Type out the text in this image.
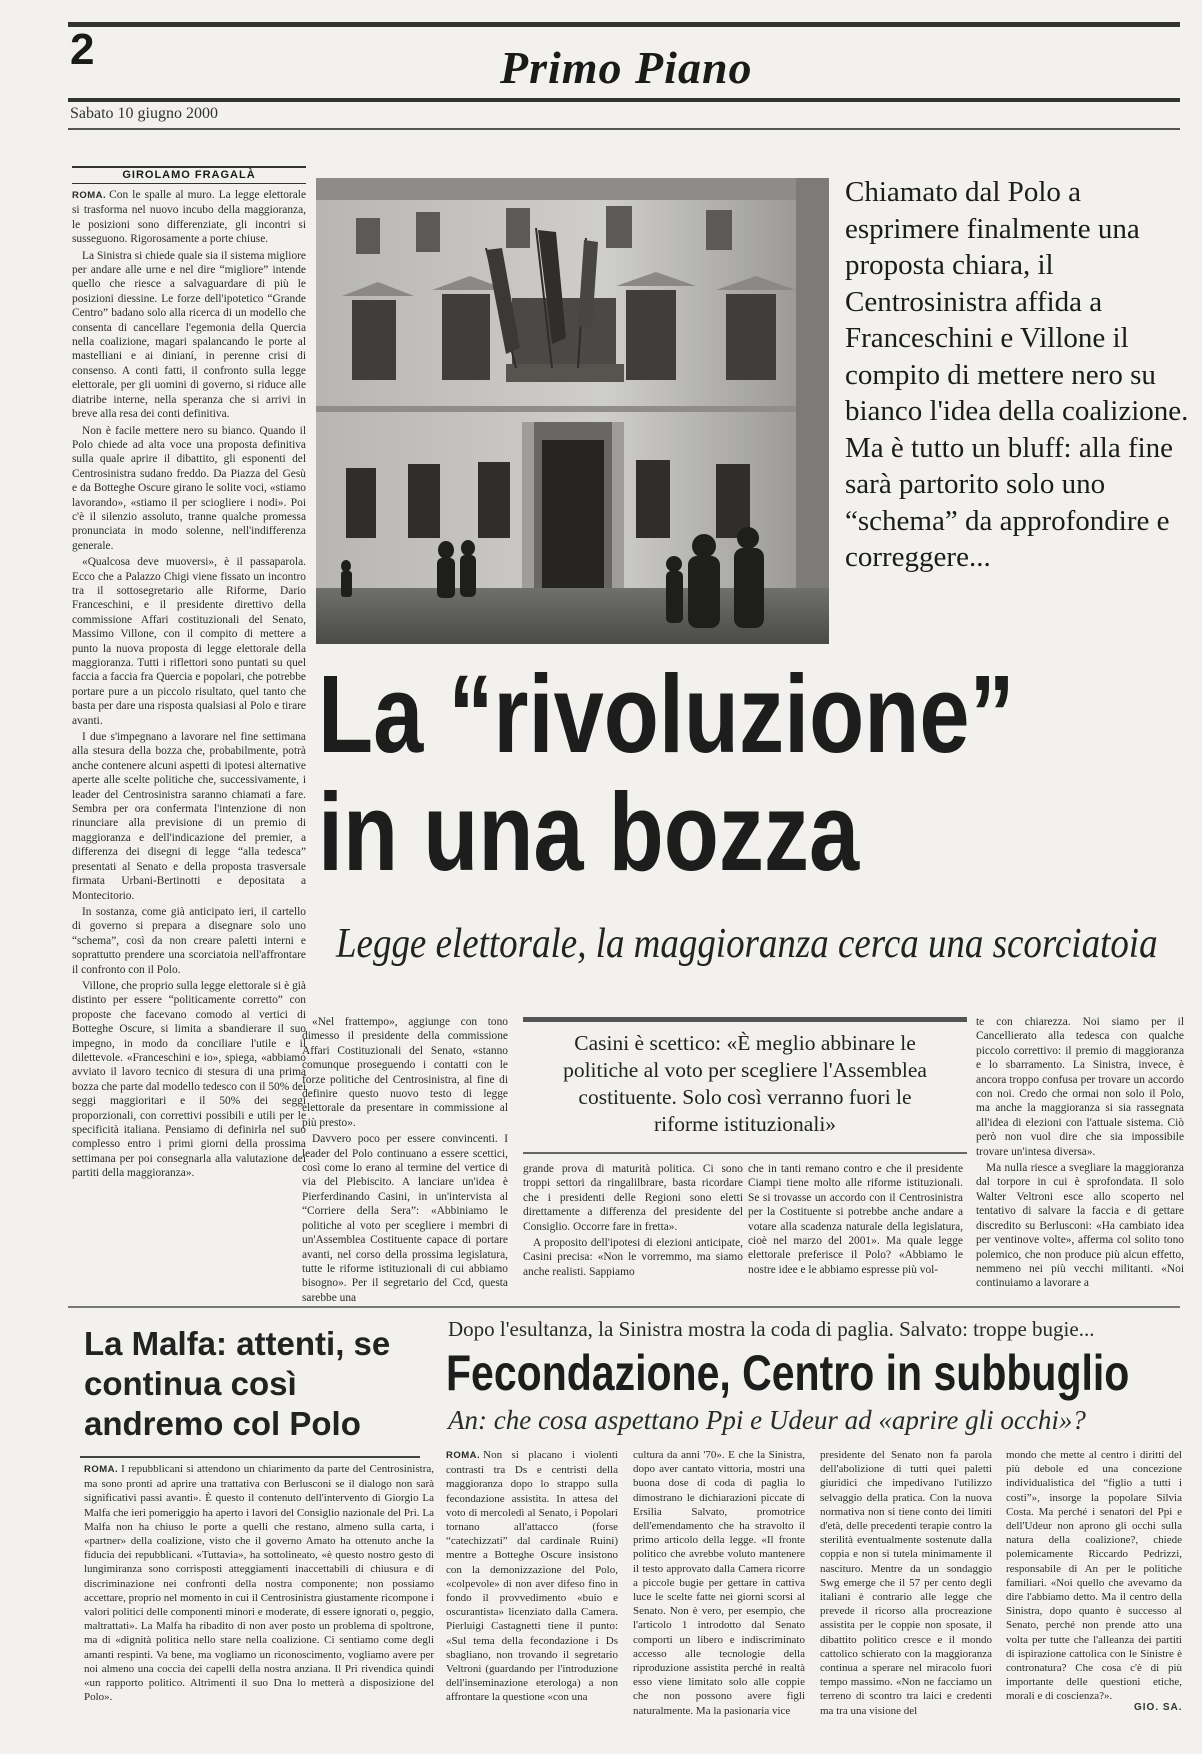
2	Primo Piano
Sabato 10 giugno 2000
GIROLAMO FRAGALÀ

ROMA. Con le spalle al muro. La legge elettorale si trasforma nel nuovo incubo della maggioranza, le posizioni sono differenziate, gli incontri si susseguono. Rigorosamente a porte chiuse.

La Sinistra si chiede quale sia il sistema migliore per andare alle urne e nel dire “migliore” intende quello che riesce a salvaguardare di più le posizioni diessine. Le forze dell'ipotetico “Grande Centro” badano solo alla ricerca di un modello che consenta di cancellare l'egemonia della Quercia nella coalizione, magari spalancando le porte al mastelliani e ai dinianí, in perenne crisi di consenso. A conti fatti, il confronto sulla legge elettorale, per gli uomini di governo, si riduce alle diatribe interne, nella speranza che si arrivi in breve alla resa dei conti definitiva.

Non è facile mettere nero su bianco. Quando il Polo chiede ad alta voce una proposta definitiva sulla quale aprire il dibattito, gli esponenti del Centrosinistra sudano freddo. Da Piazza del Gesù e da Botteghe Oscure girano le solite voci, «stiamo lavorando», «stiamo il per sciogliere i nodi». Poi c'è il silenzio assoluto, tranne qualche promessa pronunciata in modo solenne, nell'indifferenza generale.

«Qualcosa deve muoversi», è il passaparola. Ecco che a Palazzo Chigi viene fissato un incontro tra il sottosegretario alle Riforme, Dario Franceschini, e il presidente direttivo della commissione Affari costituzionali del Senato, Massimo Villone, con il compito di mettere a punto la nuova proposta di legge elettorale della maggioranza. Tutti i riflettori sono puntati su quel faccia a faccia fra Quercia e popolari, che potrebbe portare pure a un piccolo risultato, quel tanto che basta per dare una risposta qualsiasi al Polo e tirare avanti.

I due s'impegnano a lavorare nel fine settimana alla stesura della bozza che, probabilmente, potrà anche contenere alcuni aspetti di ipotesi alternative aperte alle scelte politiche che, successivamente, i leader del Centrosinistra saranno chiamati a fare. Sembra per ora confermata l'intenzione di non rinunciare alla previsione di un premio di maggioranza e dell'indicazione del premier, a differenza dei disegni di legge “alla tedesca” presentati al Senato e della proposta trasversale firmata Urbani-Bertinotti e depositata a Montecitorio.

In sostanza, come già anticipato ieri, il cartello di governo si prepara a disegnare solo uno “schema”, così da non creare paletti interni e soprattutto prendere una scorciatoia nell'affrontare il confronto con il Polo.

Villone, che proprio sulla legge elettorale si è già distinto per essere “politicamente corretto” con proposte che facevano comodo al vertici di Botteghe Oscure, si limita a sbandierare il suo impegno, in modo da conciliare l'utile e il dilettevole. «Franceschini e io», spiega, «abbiamo avviato il lavoro tecnico di stesura di una prima bozza che parte dal modello tedesco con il 50% dei seggi maggioritari e il 50% dei seggi proporzionali, con correttivi possibili e utili per le specificità italiana. Pensiamo di definirla nel suo complesso entro i primi giorni della prossima settimana per poi consegnarla alla valutazione dei partiti della maggioranza».

Chiamato dal Polo a esprimere finalmente una proposta chiara, il Centrosinistra affida a Franceschini e Villone il compito di mettere nero su bianco l'idea della coalizione. Ma è tutto un bluff: alla fine sarà partorito solo uno “schema” da approfondire e correggere...
La “rivoluzione”
in una bozza
Legge elettorale, la maggioranza cerca una scorciatoia

«Nel frattempo», aggiunge con tono dimesso il presidente della commissione Affari Costituzionali del Senato, «stanno comunque proseguendo i contatti con le forze politiche del Centrosinistra, al fine di definire questo nuovo testo di legge elettorale da presentare in commissione al più presto».

Davvero poco per essere convincenti. I leader del Polo continuano a essere scettici, così come lo erano al termine del vertice di via del Plebiscito. A lanciare un'idea è Pierferdinando Casini, in un'intervista al “Corriere della Sera”: «Abbiniamo le politiche al voto per scegliere i membri di un'Assemblea Costituente capace di portare avanti, nel corso della prossima legislatura, tutte le riforme istituzionali di cui abbiamo bisogno». Per il segretario del Ccd, questa sarebbe una

Casini è scettico: «È meglio abbinare le politiche al voto per scegliere l'Assemblea costituente. Solo così verranno fuori le riforme istituzionali»

grande prova di maturità politica. Ci sono troppi settori da ringalilbrare, basta ricordare che i presidenti delle Regioni sono eletti direttamente a differenza del presidente del Consiglio. Occorre fare in fretta».

A proposito dell'ipotesi di elezioni anticipate, Casini precisa: «Non le vorremmo, ma siamo anche realisti. Sappiamo

che in tanti remano contro e che il presidente Ciampi tiene molto alle riforme istituzionali. Se si trovasse un accordo con il Centrosinistra per la Costituente si potrebbe anche andare a votare alla scadenza naturale della legislatura, cioè nel marzo del 2001». Ma quale legge elettorale preferisce il Polo? «Abbiamo le nostre idee e le abbiamo espresse più vol-

te con chiarezza. Noi siamo per il Cancellierato alla tedesca con qualche piccolo correttivo: il premio di maggioranza e lo sbarramento. La Sinistra, invece, è ancora troppo confusa per trovare un accordo con noi. Credo che ormai non solo il Polo, ma anche la maggioranza si sia rassegnata all'idea di elezioni con l'attuale sistema. Ciò però non vuol dire che sia impossibile trovare un'intesa diversa».

Ma nulla riesce a svegliare la maggioranza dal torpore in cui è sprofondata. Il solo Walter Veltroni esce allo scoperto nel tentativo di salvare la faccia e di gettare discredito su Berlusconi: «Ha cambiato idea per ventinove volte», afferma col solito tono polemico, che non produce più alcun effetto, nemmeno nei più vecchi militanti. «Noi continuiamo a lavorare a

La Malfa: attenti, se continua così andremo col Polo

ROMA. I repubblicani si attendono un chiarimento da parte del Centrosinistra, ma sono pronti ad aprire una trattativa con Berlusconi se il dialogo non sarà significativi passi avanti». È questo il contenuto dell'intervento di Giorgio La Malfa che ieri pomeriggio ha aperto i lavori del Consiglio nazionale del Pri. La Malfa non ha chiuso le porte a quelli che restano, almeno sulla carta, i «partner» della coalizione, visto che il governo Amato ha ottenuto anche la fiducia dei repubblicani. «Tuttavia», ha sottolineato, «è questo nostro gesto di lungimiranza sono corrisposti atteggiamenti inaccettabili di chiusura e di discriminazione nei confronti della nostra componente; non possiamo accettare, proprio nel momento in cui il Centrosinistra giustamente ricompone i valori politici delle componenti minori e moderate, di essere ignorati o, peggio, maltrattati». La Malfa ha ribadito di non aver posto un problema di spoltrone, ma di «dignità politica nello stare nella coalizione. Ci sentiamo come degli amanti respinti. Va bene, ma vogliamo un riconoscimento, vogliamo avere per noi almeno una coccia dei capelli della nostra anziana. Il Pri rivendica quindi «un rapporto politico. Altrimenti il suo Dna lo metterà a disposizione del Polo».

Dopo l'esultanza, la Sinistra mostra la coda di paglia. Salvato: troppe bugie...
Fecondazione, Centro in subbuglio
An: che cosa aspettano Ppi e Udeur ad «aprire gli occhi»?

ROMA. Non si placano i violenti contrasti tra Ds e centristi della maggioranza dopo lo strappo sulla fecondazione assistita. In attesa del voto di mercoledì al Senato, i Popolari tornano all'attacco (forse “catechizzati” dal cardinale Ruini) mentre a Botteghe Oscure insistono con la demonizzazione del Polo, «colpevole» di non aver difeso fino in fondo il provvedimento «buio e oscurantista» licenziato dalla Camera. Pierluigi Castagnetti tiene il punto: «Sul tema della fecondazione i Ds sbagliano, non trovando il segretario Veltroni (guardando per l'introduzione dell'inseminazione eterologa) a non affrontare la questione «con una

cultura da anni '70». E che la Sinistra, dopo aver cantato vittoria, mostri una buona dose di coda di paglia lo dimostrano le dichiarazioni piccate di Ersilia Salvato, promotrice dell'emendamento che ha stravolto il primo articolo della legge. «Il fronte politico che avrebbe voluto mantenere il testo approvato dalla Camera ricorre a piccole bugie per gettare in cattiva luce le scelte fatte nei giorni scorsi al Senato. Non è vero, per esempio, che l'articolo 1 introdotto dal Senato comporti un libero e indiscriminato accesso alle tecnologie della riproduzione assistita perché in realtà esso viene limitato solo alle coppie che non possono avere figli naturalmente. Ma la pasionaria vice

presidente del Senato non fa parola dell'abolizione di tutti quei paletti giuridici che impedivano l'utilizzo selvaggio della pratica. Con la nuova normativa non si tiene conto dei limiti d'età, delle precedenti terapie contro la sterilità eventualmente sostenute dalla coppia e non si tutela minimamente il nascituro. Mentre da un sondaggio Swg emerge che il 57 per cento degli italiani è contrario alle legge che prevede il ricorso alla procreazione assistita per le coppie non sposate, il dibattito politico cresce e il mondo cattolico schierato con la maggioranza continua a sperare nel miracolo fuori tempo massimo. «Non ne facciamo un terreno di scontro tra laici e credenti ma tra una visione del

mondo che mette al centro i diritti del più debole ed una concezione individualistica del “figlio a tutti i costi”», insorge la popolare Silvia Costa. Ma perché i senatori del Ppi e dell'Udeur non aprono gli occhi sulla natura della coalizione?, chiede polemicamente Riccardo Pedrizzi, responsabile di An per le politiche familiari. «Noi quello che avevamo da dire l'abbiamo detto. Ma il centro della Sinistra, dopo quanto è successo al Senato, perché non prende atto una volta per tutte che l'alleanza dei partiti di ispirazione cattolica con le Sinistre è contronatura? Che cosa c'è di più importante delle questioni etiche, morali e di coscienza?».

GIO. SA.
